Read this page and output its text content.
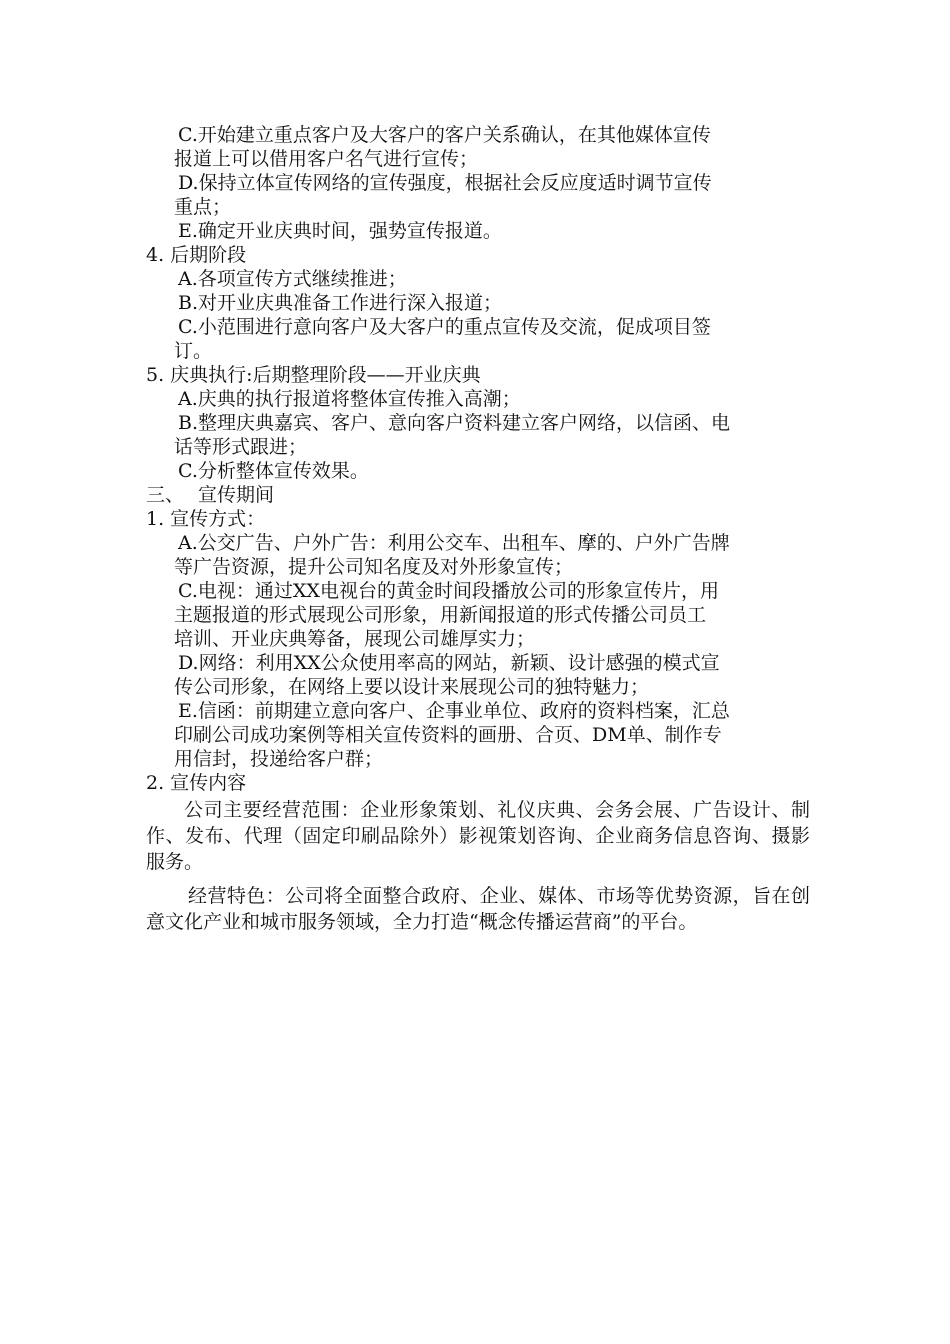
C.开始建立重点客户及大客户的客户关系确认，在其他媒体宣传

报道上可以借用客户名气进行宣传；

D.保持立体宣传网络的宣传强度，根据社会反应度适时调节宣传

重点；

E.确定开业庆典时间，强势宣传报道。

4. 后期阶段

A.各项宣传方式继续推进；

B.对开业庆典准备工作进行深入报道；

C.小范围进行意向客户及大客户的重点宣传及交流，促成项目签

订。

5. 庆典执行:后期整理阶段——开业庆典

A.庆典的执行报道将整体宣传推入高潮；

B.整理庆典嘉宾、客户、意向客户资料建立客户网络，以信函、电

话等形式跟进；

C.分析整体宣传效果。

三、 宣传期间

1. 宣传方式：

A.公交广告、户外广告：利用公交车、出租车、摩的、户外广告牌

等广告资源，提升公司知名度及对外形象宣传；

C.电视：通过XX电视台的黄金时间段播放公司的形象宣传片，用

主题报道的形式展现公司形象，用新闻报道的形式传播公司员工

培训、开业庆典筹备，展现公司雄厚实力；

D.网络：利用XX公众使用率高的网站，新颖、设计感强的模式宣

传公司形象，在网络上要以设计来展现公司的独特魅力；

E.信函：前期建立意向客户、企事业单位、政府的资料档案，汇总

印刷公司成功案例等相关宣传资料的画册、合页、DM单、制作专

用信封，投递给客户群；

2. 宣传内容

公司主要经营范围：企业形象策划、礼仪庆典、会务会展、广告设计、制作、发布、代理（固定印刷品除外）影视策划咨询、企业商务信息咨询、摄影服务。

经营特色：公司将全面整合政府、企业、媒体、市场等优势资源，旨在创意文化产业和城市服务领域，全力打造“概念传播运营商”的平台。
